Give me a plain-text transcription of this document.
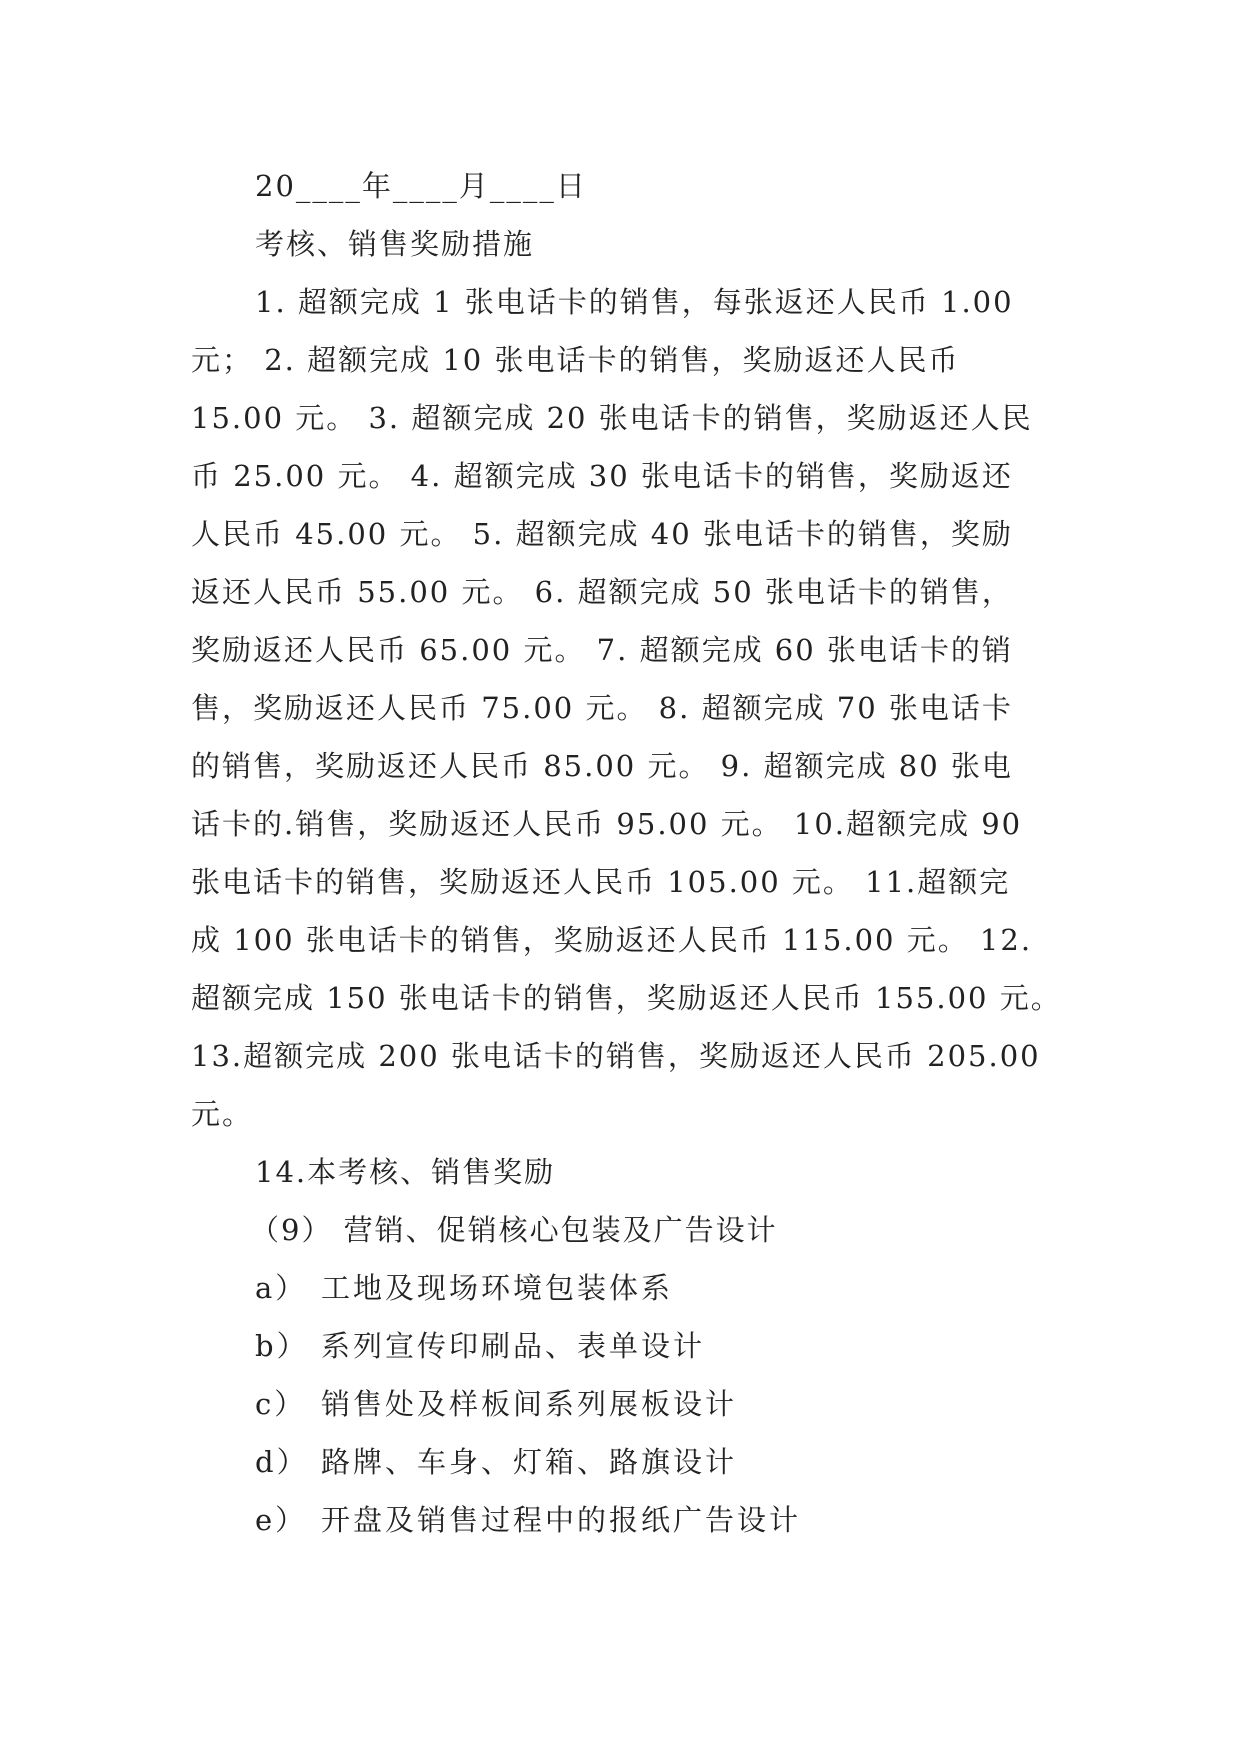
20____年____月____日
考核、销售奖励措施
1. 超额完成 1 张电话卡的销售，每张返还人民币 1.00
元； 2. 超额完成 10 张电话卡的销售，奖励返还人民币
15.00 元。 3. 超额完成 20 张电话卡的销售，奖励返还人民
币 25.00 元。 4. 超额完成 30 张电话卡的销售，奖励返还
人民币 45.00 元。 5. 超额完成 40 张电话卡的销售，奖励
返还人民币 55.00 元。 6. 超额完成 50 张电话卡的销售，
奖励返还人民币 65.00 元。 7. 超额完成 60 张电话卡的销
售，奖励返还人民币 75.00 元。 8. 超额完成 70 张电话卡
的销售，奖励返还人民币 85.00 元。 9. 超额完成 80 张电
话卡的.销售，奖励返还人民币 95.00 元。 10.超额完成 90
张电话卡的销售，奖励返还人民币 105.00 元。 11.超额完
成 100 张电话卡的销售，奖励返还人民币 115.00 元。 12.
超额完成 150 张电话卡的销售，奖励返还人民币 155.00 元。
13.超额完成 200 张电话卡的销售，奖励返还人民币 205.00
元。
14.本考核、销售奖励
（9） 营销、促销核心包装及广告设计
a） 工地及现场环境包装体系
b） 系列宣传印刷品、表单设计
c） 销售处及样板间系列展板设计
d） 路牌、车身、灯箱、路旗设计
e） 开盘及销售过程中的报纸广告设计
